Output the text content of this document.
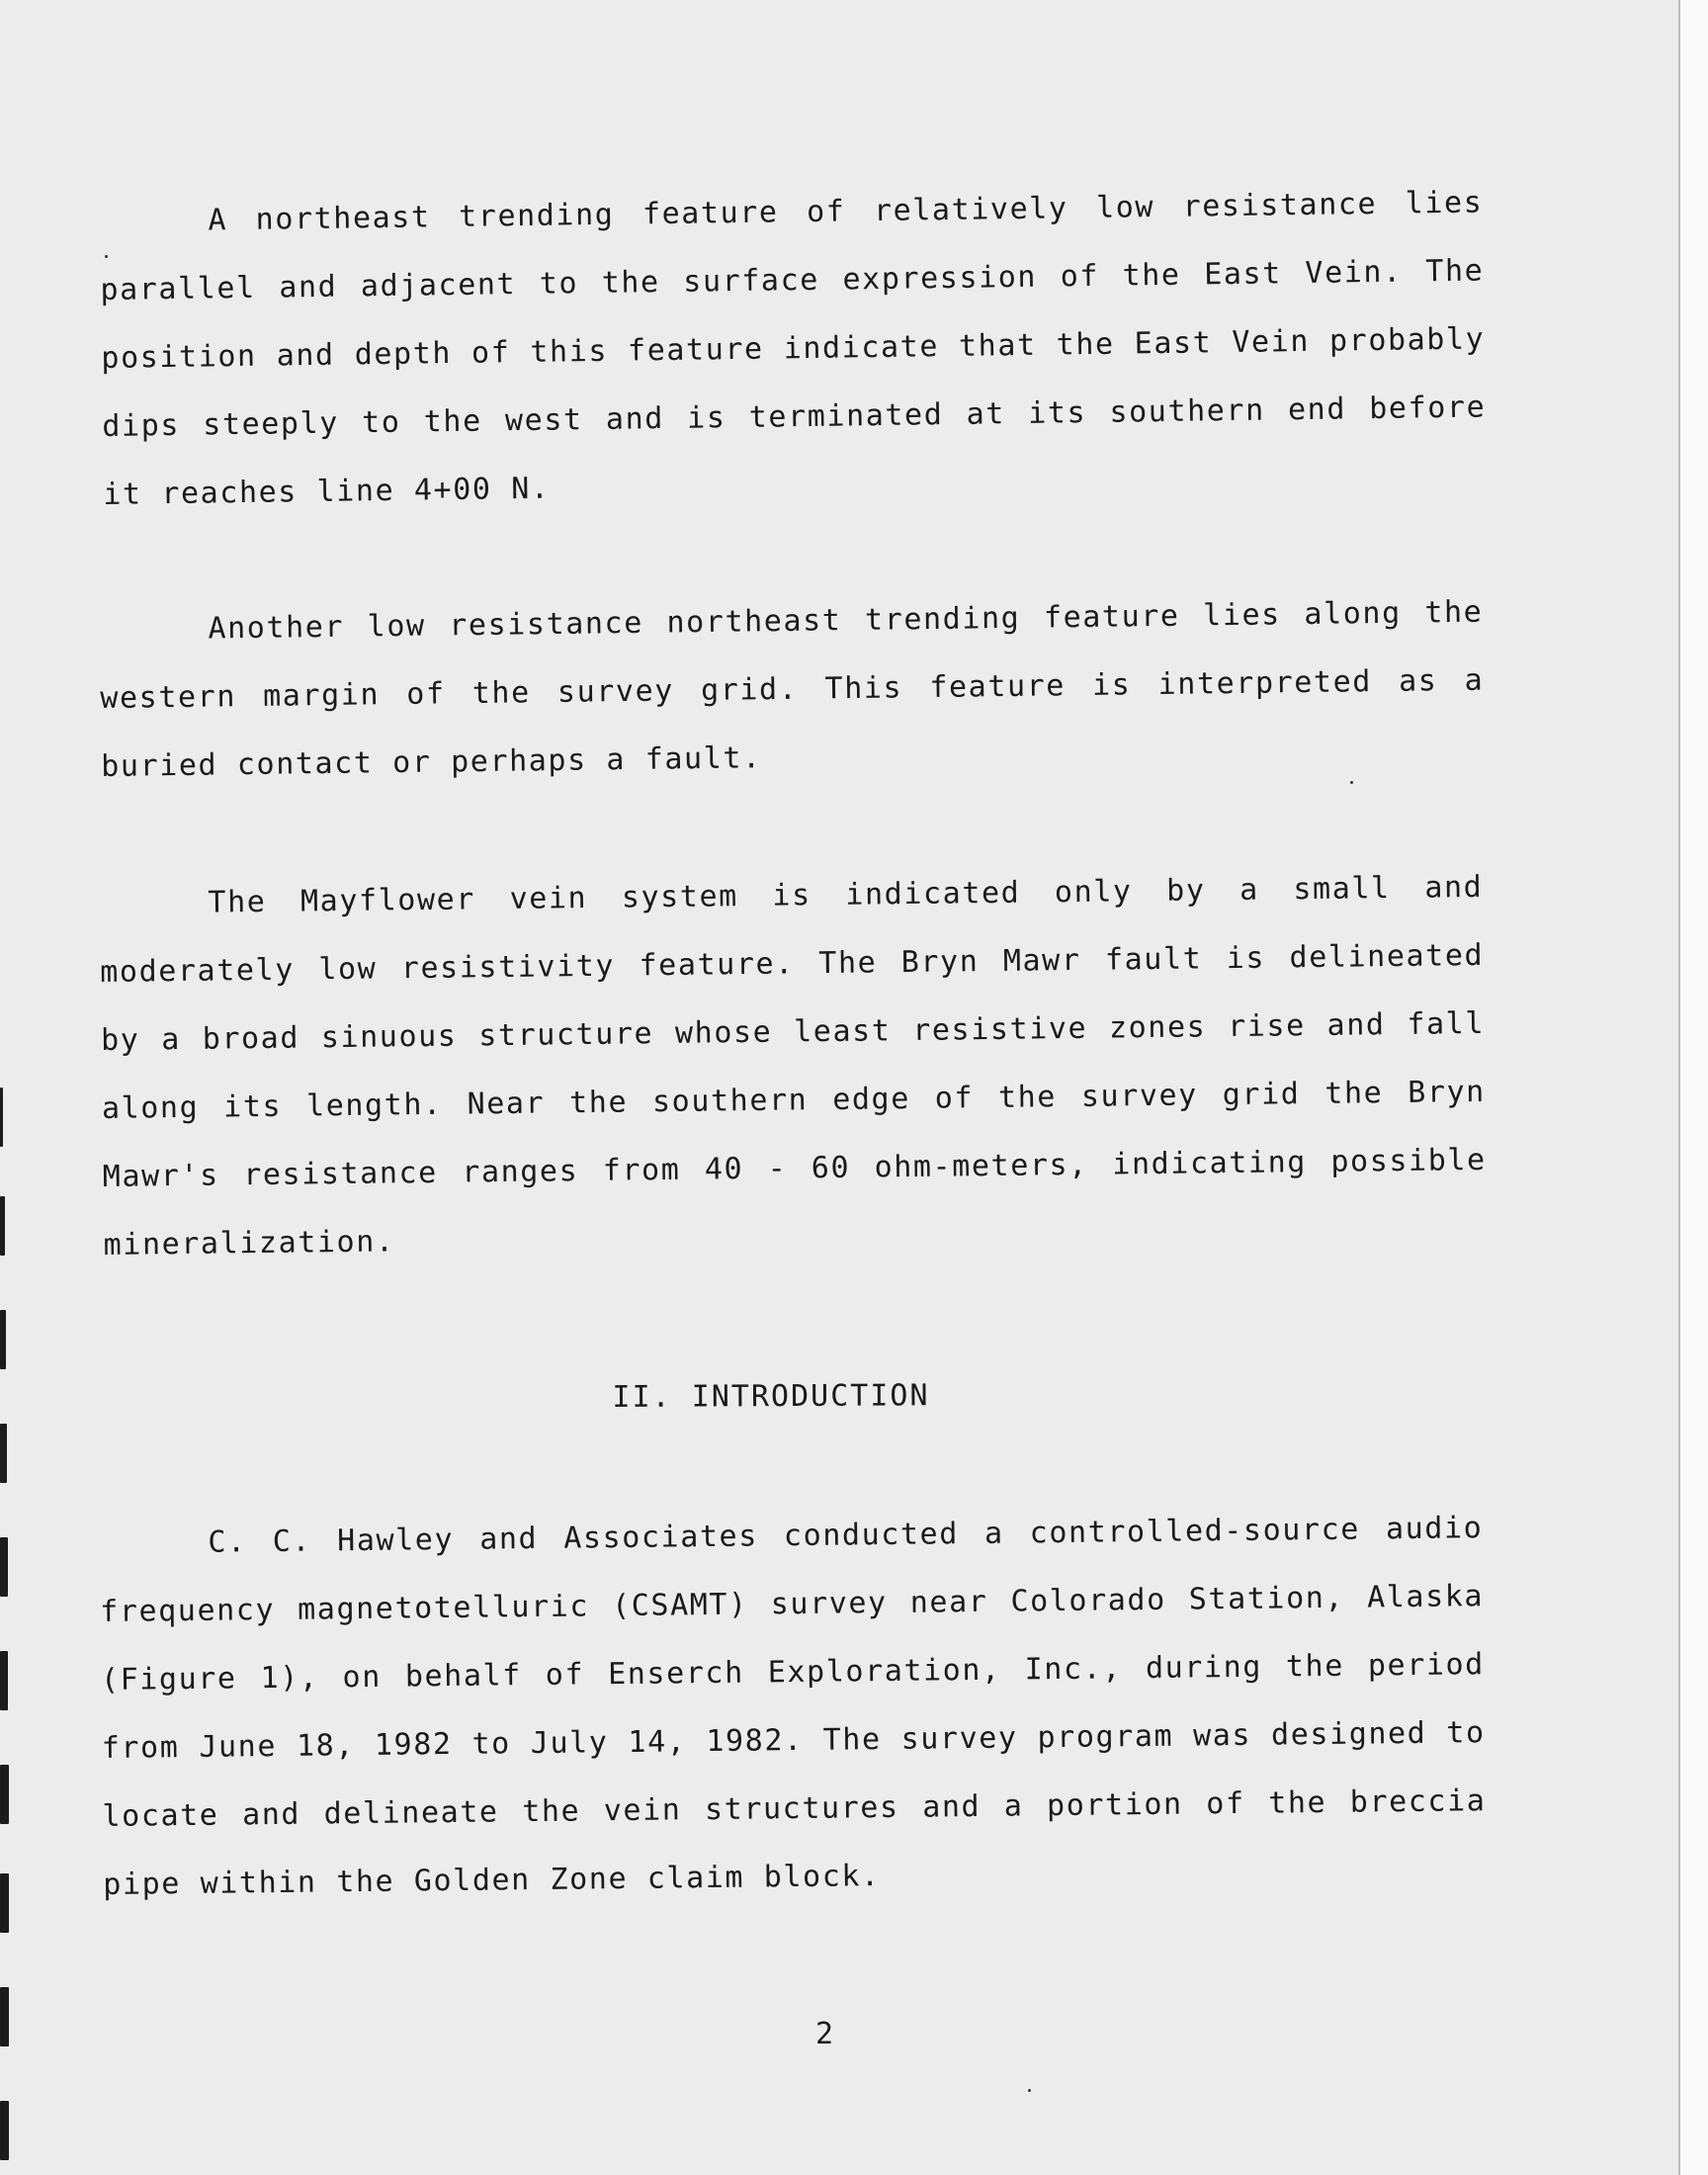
A northeast trending feature of relatively low resistance lies parallel and adjacent to the surface expression of the East Vein. The position and depth of this feature indicate that the East Vein probably dips steeply to the west and is terminated at its southern end before it reaches line 4+00 N.

Another low resistance northeast trending feature lies along the western margin of the survey grid. This feature is interpreted as a buried contact or perhaps a fault.

The Mayflower vein system is indicated only by a small and moderately low resistivity feature. The Bryn Mawr fault is delineated by a broad sinuous structure whose least resistive zones rise and fall along its length. Near the southern edge of the survey grid the Bryn Mawr's resistance ranges from 40 - 60 ohm-meters, indicating possible mineralization.

II. INTRODUCTION

C. C. Hawley and Associates conducted a controlled-source audio frequency magnetotelluric (CSAMT) survey near Colorado Station, Alaska (Figure 1), on behalf of Enserch Exploration, Inc., during the period from June 18, 1982 to July 14, 1982. The survey program was designed to locate and delineate the vein structures and a portion of the breccia pipe within the Golden Zone claim block.

2
